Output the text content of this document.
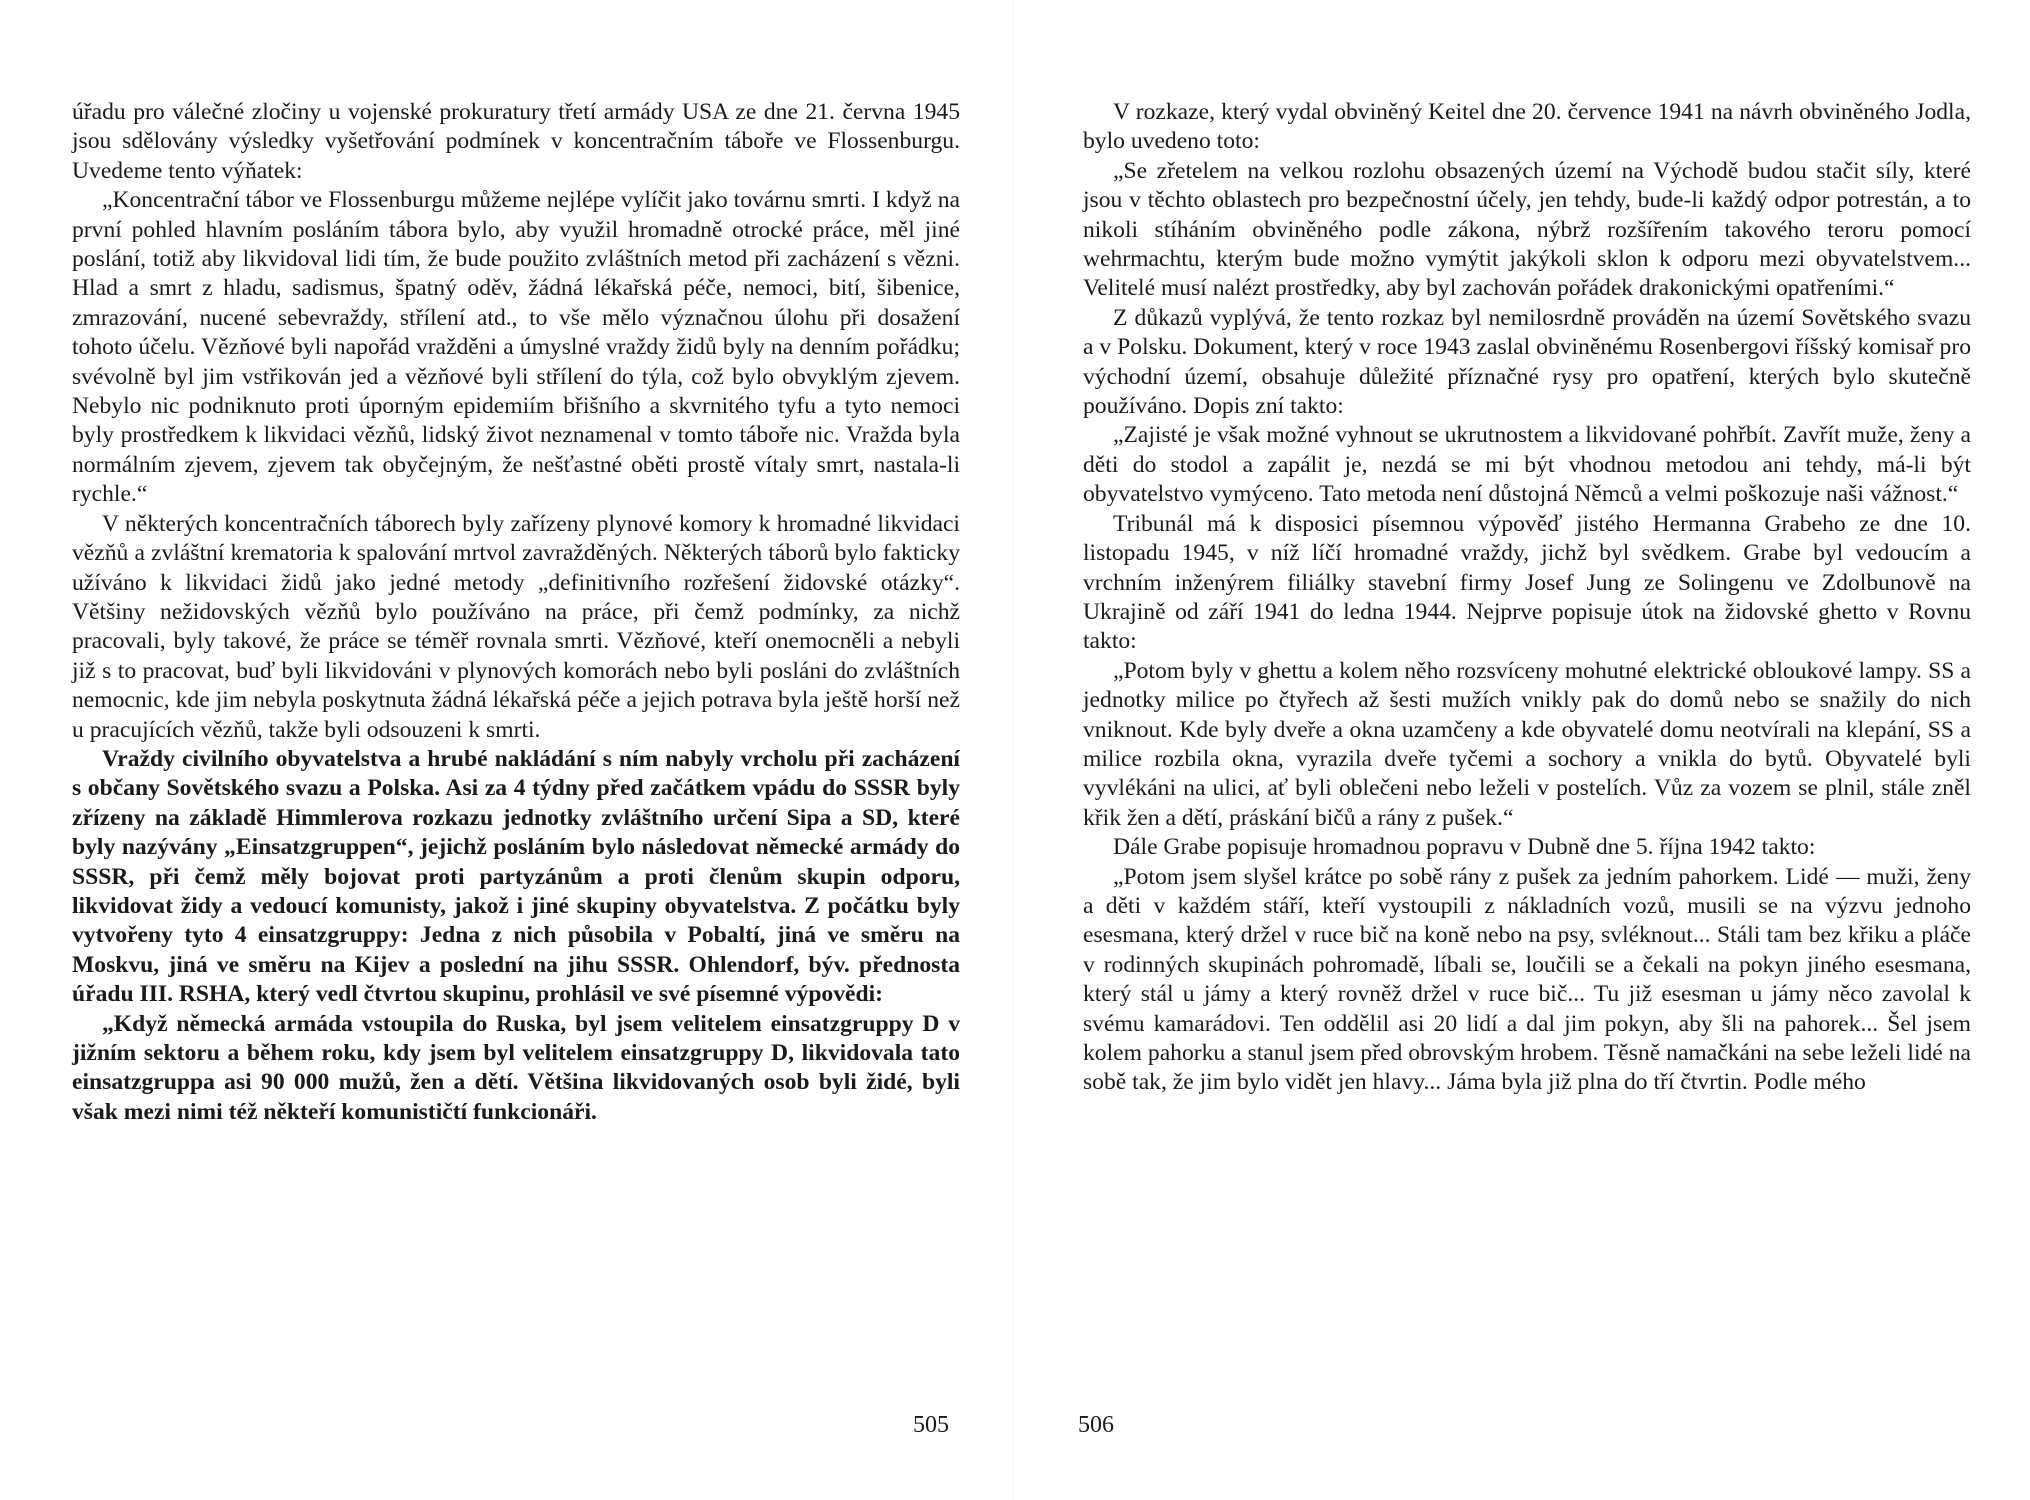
úřadu pro válečné zločiny u vojenské prokuratury třetí armády USA ze dne 21. června 1945 jsou sdělovány výsledky vyšetřování podmínek v koncentračním táboře ve Flossenburgu. Uvedeme tento výňatek:

„Koncentrační tábor ve Flossenburgu můžeme nejlépe vylíčit jako továrnu smrti. I když na první pohled hlavním posláním tábora bylo, aby využil hromadně otrocké práce, měl jiné poslání, totiž aby likvidoval lidi tím, že bude použito zvláštních metod při zacházení s vězni. Hlad a smrt z hladu, sadismus, špatný oděv, žádná lékařská péče, nemoci, bití, šibenice, zmrazování, nucené sebevraždy, střílení atd., to vše mělo význačnou úlohu při dosažení tohoto účelu. Vězňové byli napořád vražděni a úmyslné vraždy židů byly na denním pořádku; svévolně byl jim vstřikován jed a vězňové byli střílení do týla, což bylo obvyklým zjevem. Nebylo nic podniknuto proti úporným epidemiím břišního a skvrnitého tyfu a tyto nemoci byly prostředkem k likvidaci vězňů, lidský život neznamenal v tomto táboře nic. Vražda byla normálním zjevem, zjevem tak obyčejným, že nešťastné oběti prostě vítaly smrt, nastala-li rychle.“

V některých koncentračních táborech byly zařízeny plynové komory k hromadné likvidaci vězňů a zvláštní krematoria k spalování mrtvol zavražděných. Některých táborů bylo fakticky užíváno k likvidaci židů jako jedné metody „definitivního rozřešení židovské otázky“. Většiny nežidovských vězňů bylo používáno na práce, při čemž podmínky, za nichž pracovali, byly takové, že práce se téměř rovnala smrti. Vězňové, kteří onemocněli a nebyli již s to pracovat, buď byli likvidováni v plynových komorách nebo byli posláni do zvláštních nemocnic, kde jim nebyla poskytnuta žádná lékařská péče a jejich potrava byla ještě horší než u pracujících vězňů, takže byli odsouzeni k smrti.

Vraždy civilního obyvatelstva a hrubé nakládání s ním nabyly vrcholu při zacházení s občany Sovětského svazu a Polska. Asi za 4 týdny před začátkem vpádu do SSSR byly zřízeny na základě Himmlerova rozkazu jednotky zvláštního určení Sipa a SD, které byly nazývány „Einsatzgruppen“, jejichž posláním bylo následovat německé armády do SSSR, při čemž měly bojovat proti partyzánům a proti členům skupin odporu, likvidovat židy a vedoucí komunisty, jakož i jiné skupiny obyvatelstva. Z počátku byly vytvořeny tyto 4 einsatzgruppy: Jedna z nich působila v Pobaltí, jiná ve směru na Moskvu, jiná ve směru na Kijev a poslední na jihu SSSR. Ohlendorf, býv. přednosta úřadu III. RSHA, který vedl čtvrtou skupinu, prohlásil ve své písemné výpovědi:

„Když německá armáda vstoupila do Ruska, byl jsem velitelem einsatzgruppy D v jižním sektoru a během roku, kdy jsem byl velitelem einsatzgruppy D, likvidovala tato einsatzgruppa asi 90 000 mužů, žen a dětí. Většina likvidovaných osob byli židé, byli však mezi nimi též někteří komunističtí funkcionáři.

505

V rozkaze, který vydal obviněný Keitel dne 20. července 1941 na návrh obviněného Jodla, bylo uvedeno toto:

„Se zřetelem na velkou rozlohu obsazených území na Východě budou stačit síly, které jsou v těchto oblastech pro bezpečnostní účely, jen tehdy, bude-li každý odpor potrestán, a to nikoli stíháním obviněného podle zákona, nýbrž rozšířením takového teroru pomocí wehrmachtu, kterým bude možno vymýtit jakýkoli sklon k odporu mezi obyvatelstvem... Velitelé musí nalézt prostředky, aby byl zachován pořádek drakonickými opatřeními.“

Z důkazů vyplývá, že tento rozkaz byl nemilosrdně prováděn na území Sovětského svazu a v Polsku. Dokument, který v roce 1943 zaslal obviněnému Rosenbergovi říšský komisař pro východní území, obsahuje důležité příznačné rysy pro opatření, kterých bylo skutečně používáno. Dopis zní takto:

„Zajisté je však možné vyhnout se ukrutnostem a likvidované pohřbít. Zavřít muže, ženy a děti do stodol a zapálit je, nezdá se mi být vhodnou metodou ani tehdy, má-li být obyvatelstvo vymýceno. Tato metoda není důstojná Němců a velmi poškozuje naši vážnost.“

Tribunál má k disposici písemnou výpověď jistého Hermanna Grabeho ze dne 10. listopadu 1945, v níž líčí hromadné vraždy, jichž byl svědkem. Grabe byl vedoucím a vrchním inženýrem filiálky stavební firmy Josef Jung ze Solingenu ve Zdolbunově na Ukrajině od září 1941 do ledna 1944. Nejprve popisuje útok na židovské ghetto v Rovnu takto:

„Potom byly v ghettu a kolem něho rozsvíceny mohutné elektrické obloukové lampy. SS a jednotky milice po čtyřech až šesti mužích vnikly pak do domů nebo se snažily do nich vniknout. Kde byly dveře a okna uzamčeny a kde obyvatelé domu neotvírali na klepání, SS a milice rozbila okna, vyrazila dveře tyčemi a sochory a vnikla do bytů. Obyvatelé byli vyvlékáni na ulici, ať byli oblečeni nebo leželi v postelích. Vůz za vozem se plnil, stále zněl křik žen a dětí, práskání bičů a rány z pušek.“

Dále Grabe popisuje hromadnou popravu v Dubně dne 5. října 1942 takto:

„Potom jsem slyšel krátce po sobě rány z pušek za jedním pahorkem. Lidé — muži, ženy a děti v každém stáří, kteří vystoupili z nákladních vozů, musili se na výzvu jednoho esesmana, který držel v ruce bič na koně nebo na psy, svléknout... Stáli tam bez křiku a pláče v rodinných skupinách pohromadě, líbali se, loučili se a čekali na pokyn jiného esesmana, který stál u jámy a který rovněž držel v ruce bič... Tu již esesman u jámy něco zavolal k svému kamarádovi. Ten oddělil asi 20 lidí a dal jim pokyn, aby šli na pahorek... Šel jsem kolem pahorku a stanul jsem před obrovským hrobem. Těsně namačkáni na sebe leželi lidé na sobě tak, že jim bylo vidět jen hlavy... Jáma byla již plna do tří čtvrtin. Podle mého

506
